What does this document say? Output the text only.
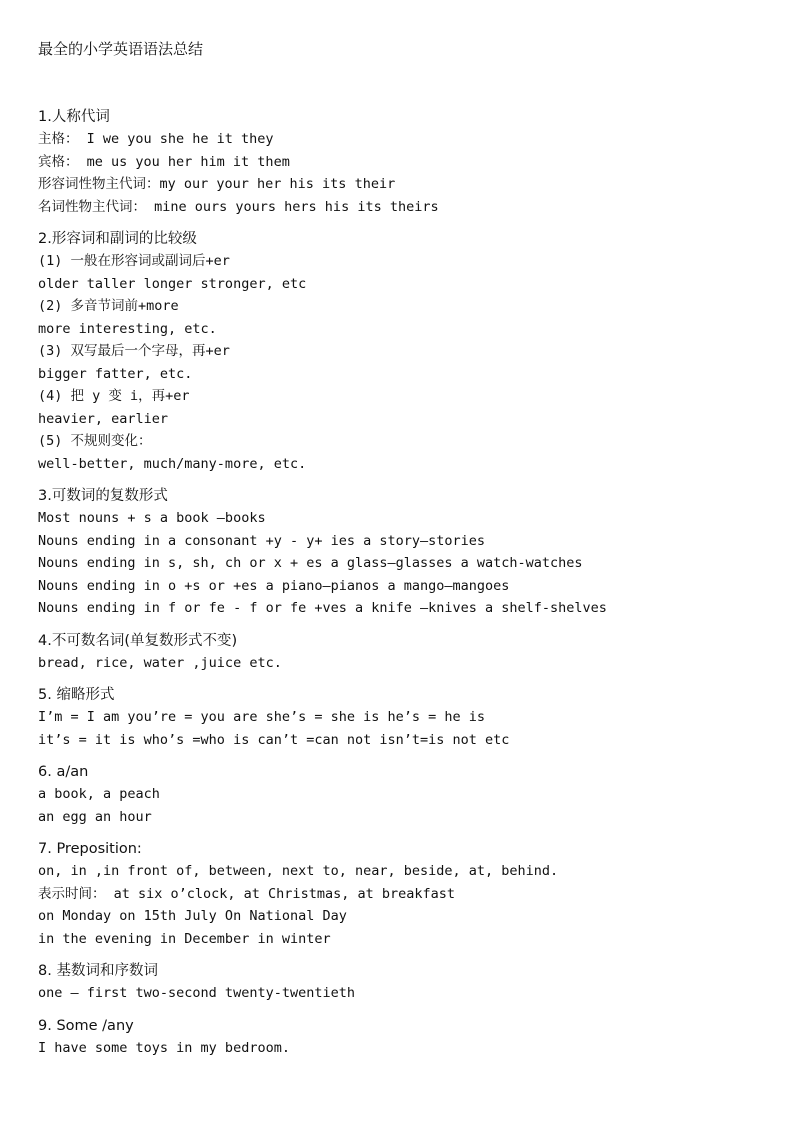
最全的小学英语语法总结
1.人称代词
主格： I we you she he it they
宾格： me us you her him it them
形容词性物主代词：my our your her his its their
名词性物主代词： mine ours yours hers his its theirs
2.形容词和副词的比较级
(1) 一般在形容词或副词后+er
older taller longer stronger, etc
(2) 多音节词前+more
more interesting, etc.
(3) 双写最后一个字母，再+er
bigger fatter, etc.
(4) 把 y 变 i，再+er
heavier, earlier
(5) 不规则变化：
well-better, much/many-more, etc.
3.可数词的复数形式
Most nouns + s a book –books
Nouns ending in a consonant +y - y+ ies a story—stories
Nouns ending in s, sh, ch or x + es a glass—glasses a watch-watches
Nouns ending in o +s or +es a piano—pianos a mango—mangoes
Nouns ending in f or fe - f or fe +ves a knife –knives a shelf-shelves
4.不可数名词(单复数形式不变)
bread, rice, water ,juice etc.
5. 缩略形式
I’m = I am you’re = you are she’s = she is he’s = he is
it’s = it is who’s =who is can’t =can not isn’t=is not etc
6. a/an
a book, a peach
an egg an hour
7. Preposition:
on, in ,in front of, between, next to, near, beside, at, behind.
表示时间： at six o’clock, at Christmas, at breakfast
on Monday on 15th July On National Day
in the evening in December in winter
8. 基数词和序数词
one – first two-second twenty-twentieth
9. Some /any
I have some toys in my bedroom.
